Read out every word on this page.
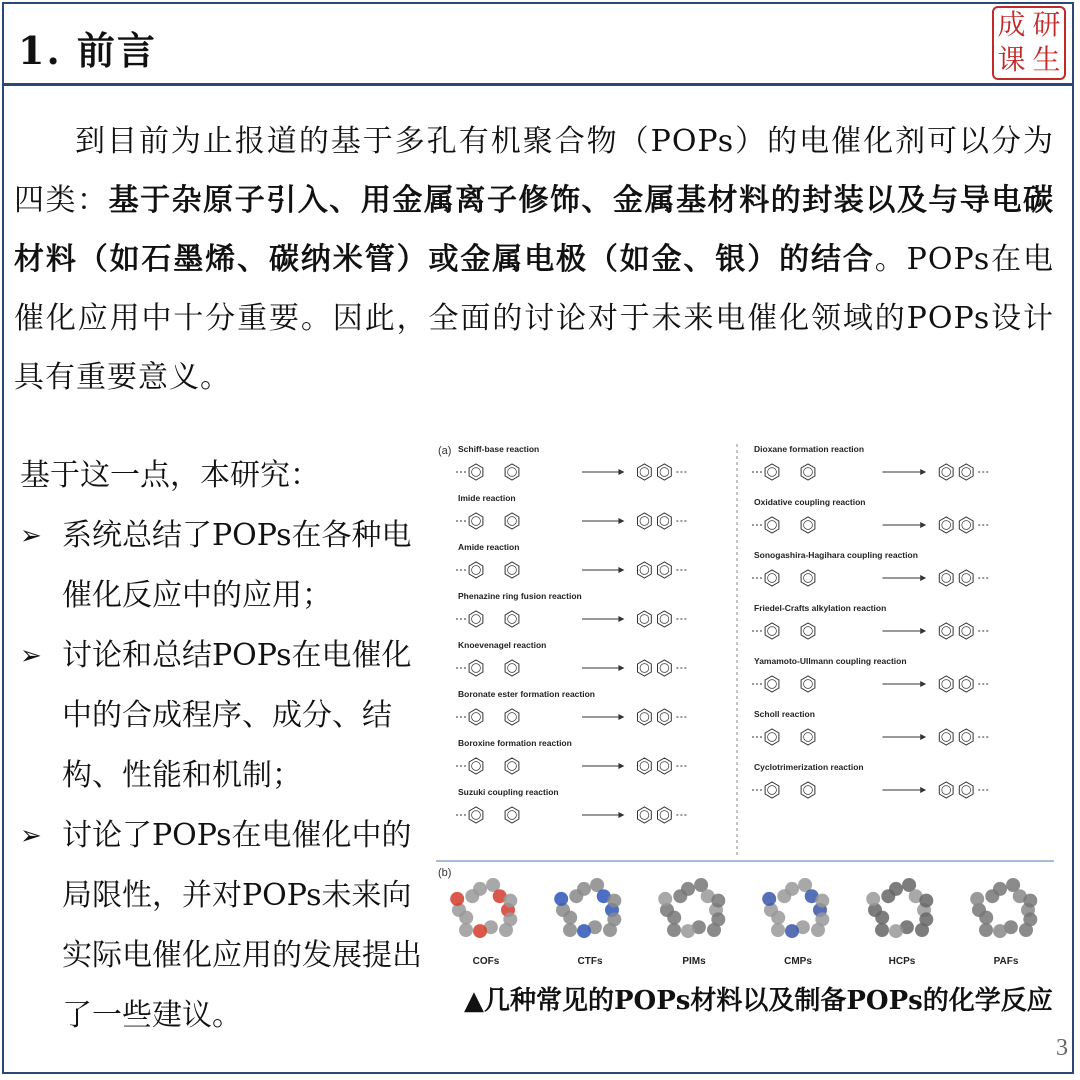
1. 前言
成 研
课 生
到目前为止报道的基于多孔有机聚合物（POPs）的电催化剂可以分为四类：基于杂原子引入、用金属离子修饰、金属基材料的封装以及与导电碳材料（如石墨烯、碳纳米管）或金属电极（如金、银）的结合。POPs在电催化应用中十分重要。因此，全面的讨论对于未来电催化领域的POPs设计具有重要意义。
基于这一点，本研究：
➢ 系统总结了POPs在各种电催化反应中的应用；
➢ 讨论和总结POPs在电催化中的合成程序、成分、结构、性能和机制；
➢ 讨论了POPs在电催化中的局限性，并对POPs未来向实际电催化应用的发展提出了一些建议。
(a)
(b)
Schiff-base reaction
Imide reaction
Amide reaction
Phenazine ring fusion reaction
Knoevenagel reaction
Boronate ester formation reaction
Boroxine formation reaction
Suzuki coupling reaction
Dioxane formation reaction
Oxidative coupling reaction
Sonogashira-Hagihara coupling reaction
Friedel-Crafts alkylation reaction
Yamamoto-Ullmann coupling reaction
Scholl reaction
Cyclotrimerization reaction
COFs	CTFs	PIMs	CMPs	HCPs	PAFs
▲几种常见的POPs材料以及制备POPs的化学反应
3
